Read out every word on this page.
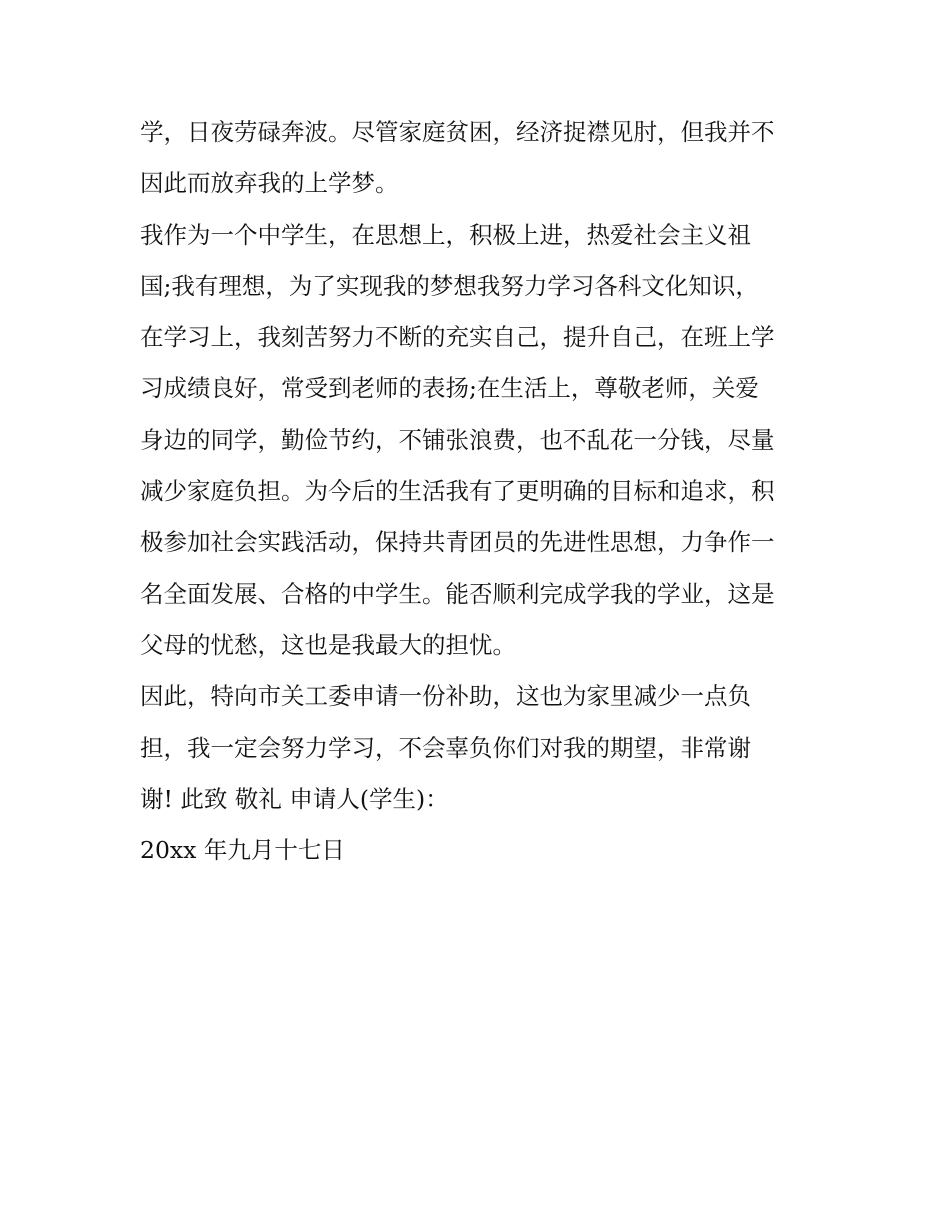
学，日夜劳碌奔波。尽管家庭贫困，经济捉襟见肘，但我并不
因此而放弃我的上学梦。
我作为一个中学生，在思想上，积极上进，热爱社会主义祖
国;我有理想，为了实现我的梦想我努力学习各科文化知识，
在学习上，我刻苦努力不断的充实自己，提升自己，在班上学
习成绩良好，常受到老师的表扬;在生活上，尊敬老师，关爱
身边的同学，勤俭节约，不铺张浪费，也不乱花一分钱，尽量
减少家庭负担。为今后的生活我有了更明确的目标和追求，积
极参加社会实践活动，保持共青团员的先进性思想，力争作一
名全面发展、合格的中学生。能否顺利完成学我的学业，这是
父母的忧愁，这也是我最大的担忧。
因此，特向市关工委申请一份补助，这也为家里减少一点负
担，我一定会努力学习，不会辜负你们对我的期望，非常谢
谢! 此致 敬礼 申请人(学生)：
20xx 年九月十七日
